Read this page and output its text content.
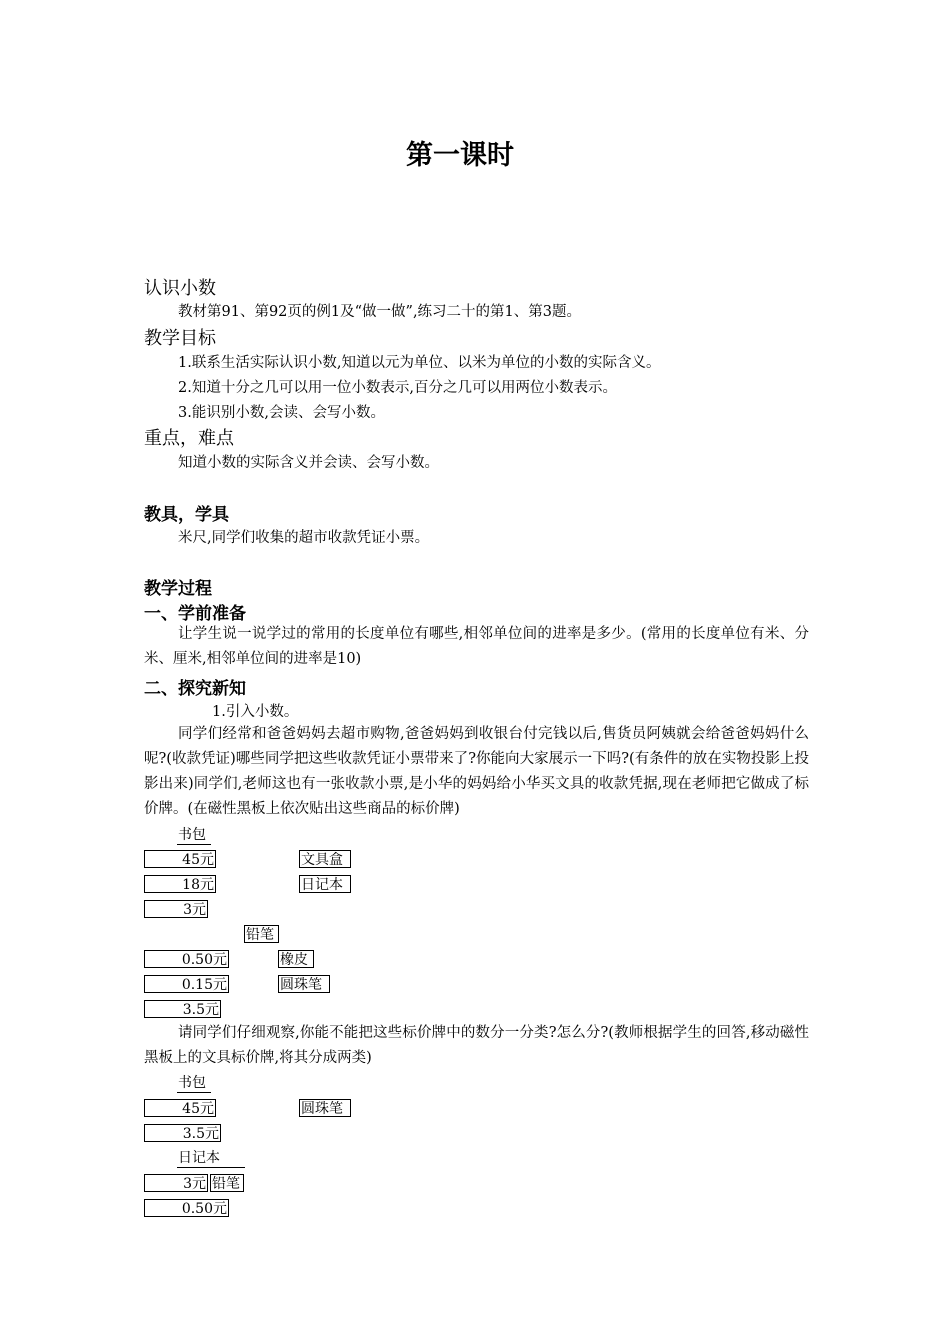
第一课时
认识小数
教材第91、第92页的例1及“做一做”,练习二十的第1、第3题。
教学目标
1.联系生活实际认识小数,知道以元为单位、以米为单位的小数的实际含义。
2.知道十分之几可以用一位小数表示,百分之几可以用两位小数表示。
3.能识别小数,会读、会写小数。
重点，难点
知道小数的实际含义并会读、会写小数。
教具，学具
米尺,同学们收集的超市收款凭证小票。
教学过程
一、学前准备
让学生说一说学过的常用的长度单位有哪些,相邻单位间的进率是多少。(常用的长度单位有米、分米、厘米,相邻单位间的进率是10)
二、探究新知
1.引入小数。
同学们经常和爸爸妈妈去超市购物,爸爸妈妈到收银台付完钱以后,售货员阿姨就会给爸爸妈妈什么呢?(收款凭证)哪些同学把这些收款凭证小票带来了?你能向大家展示一下吗?(有条件的放在实物投影上投影出来)同学们,老师这也有一张收款小票,是小华的妈妈给小华买文具的收款凭据,现在老师把它做成了标价牌。(在磁性黑板上依次贴出这些商品的标价牌)
书包
45元	文具盒
18元	日记本
3元
铅笔
0.50元	橡皮
0.15元	圆珠笔
3.5元
请同学们仔细观察,你能不能把这些标价牌中的数分一分类?怎么分?(教师根据学生的回答,移动磁性黑板上的文具标价牌,将其分成两类)
书包
45元	圆珠笔
3.5元
日记本
3元 铅笔
0.50元
